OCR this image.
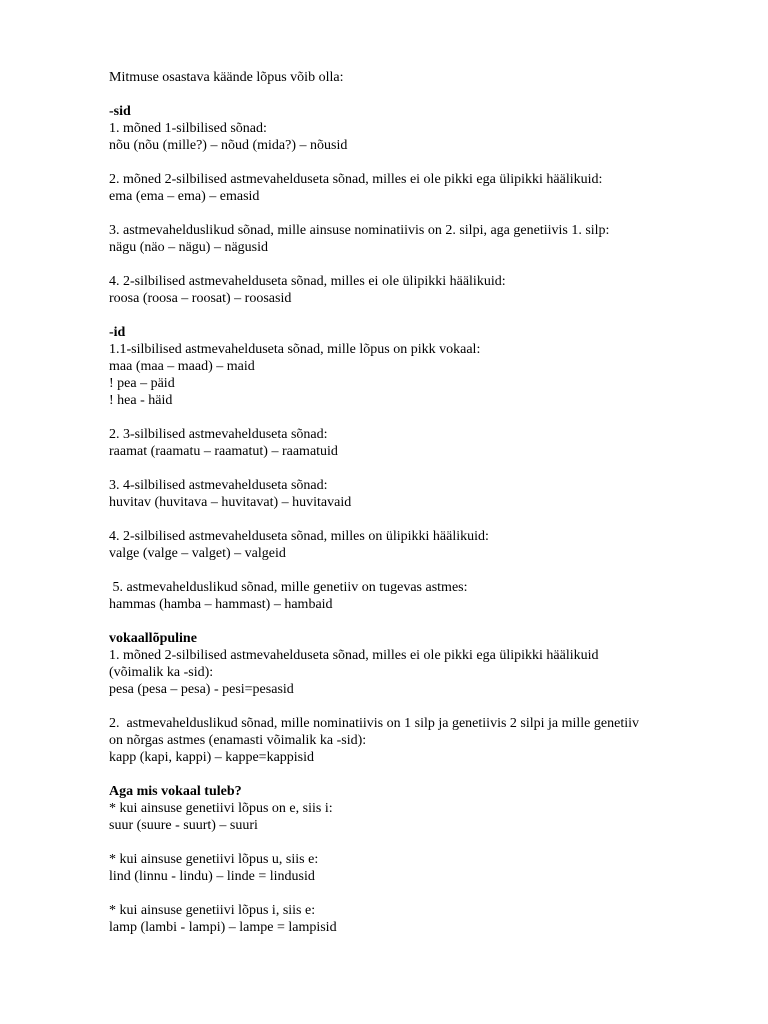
Mitmuse osastava käände lõpus võib olla:

-sid

1. mõned 1-silbilised sõnad:

nõu (nõu (mille?) – nõud (mida?) – nõusid

2. mõned 2-silbilised astmevahelduseta sõnad, milles ei ole pikki ega ülipikki häälikuid:

ema (ema – ema) – emasid

3. astmevahelduslikud sõnad, mille ainsuse nominatiivis on 2. silpi, aga genetiivis 1. silp:

nägu (näo – nägu) – nägusid

4. 2-silbilised astmevahelduseta sõnad, milles ei ole ülipikki häälikuid:

roosa (roosa – roosat) – roosasid

-id

1.1-silbilised astmevahelduseta sõnad, mille lõpus on pikk vokaal:

maa (maa – maad) – maid

! pea – päid

! hea - häid

2. 3-silbilised astmevahelduseta sõnad:

raamat (raamatu – raamatut) – raamatuid

3. 4-silbilised astmevahelduseta sõnad:

huvitav (huvitava – huvitavat) – huvitavaid

4. 2-silbilised astmevahelduseta sõnad, milles on ülipikki häälikuid:

valge (valge – valget) – valgeid

5. astmevahelduslikud sõnad, mille genetiiv on tugevas astmes:

hammas (hamba – hammast) – hambaid

vokaallõpuline

1. mõned 2-silbilised astmevahelduseta sõnad, milles ei ole pikki ega ülipikki häälikuid

(võimalik ka -sid):

pesa (pesa – pesa) - pesi=pesasid

2.  astmevahelduslikud sõnad, mille nominatiivis on 1 silp ja genetiivis 2 silpi ja mille genetiiv

on nõrgas astmes (enamasti võimalik ka -sid):

kapp (kapi, kappi) – kappe=kappisid

Aga mis vokaal tuleb?

* kui ainsuse genetiivi lõpus on e, siis i:

suur (suure - suurt) – suuri

* kui ainsuse genetiivi lõpus u, siis e:

lind (linnu - lindu) – linde = lindusid

* kui ainsuse genetiivi lõpus i, siis e:

lamp (lambi - lampi) – lampe = lampisid
